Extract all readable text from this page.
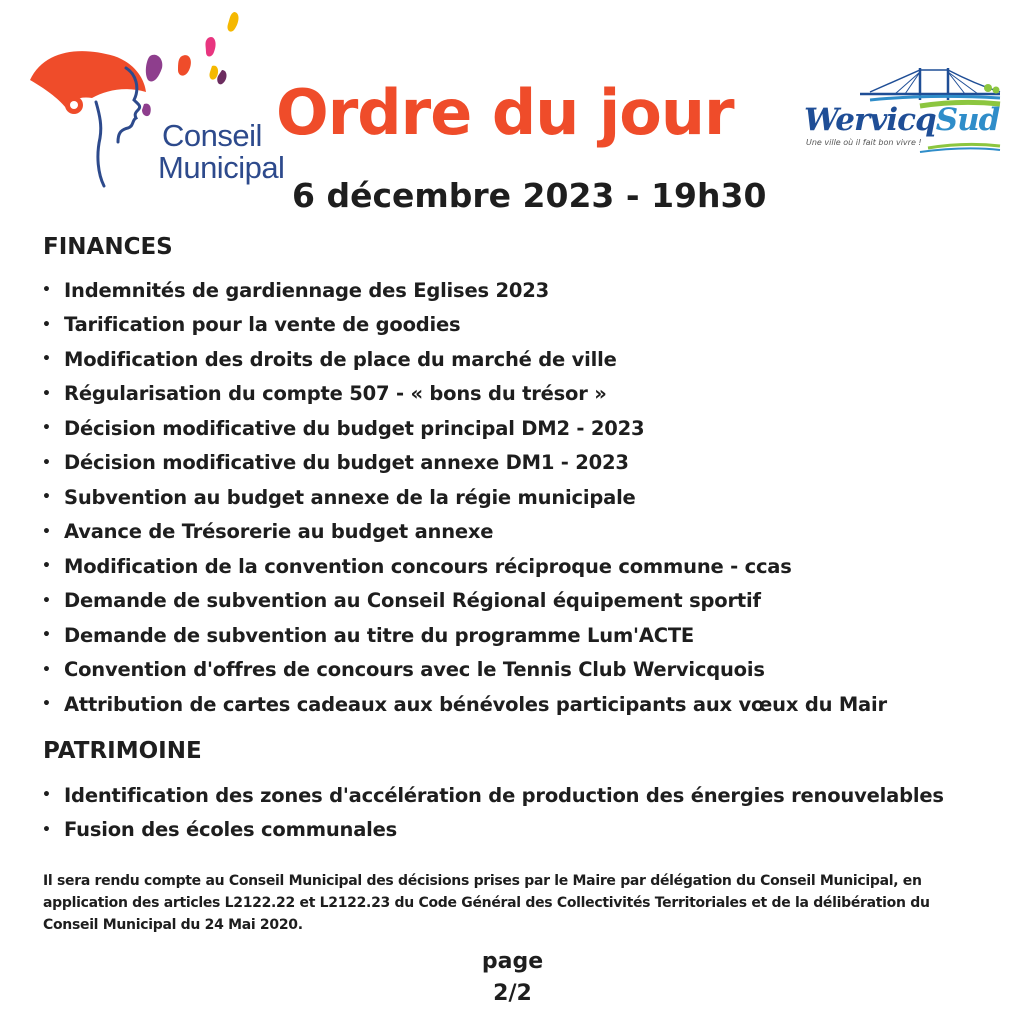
Conseil
Municipal
Ordre du jour
6 décembre 2023 - 19h30
WervicqSud
Une ville où il fait bon vivre !
FINANCES
• Indemnités de gardiennage des Eglises 2023
• Tarification pour la vente de goodies
• Modification des droits de place du marché de ville
• Régularisation du compte 507 - « bons du trésor »
• Décision modificative du budget principal DM2 - 2023
• Décision modificative du budget annexe DM1 - 2023
• Subvention au budget annexe de la régie municipale
• Avance de Trésorerie au budget annexe
• Modification de la convention concours réciproque commune - ccas
• Demande de subvention au Conseil Régional équipement sportif
• Demande de subvention au titre du programme Lum'ACTE
• Convention d'offres de concours avec le Tennis Club Wervicquois
• Attribution de cartes cadeaux aux bénévoles participants aux vœux du Mair
PATRIMOINE
• Identification des zones d'accélération de production des énergies renouvelables
• Fusion des écoles communales
Il sera rendu compte au Conseil Municipal des décisions prises par le Maire par délégation du Conseil Municipal, en application des articles L2122.22 et L2122.23 du Code Général des Collectivités Territoriales et de la délibération du Conseil Municipal du 24 Mai 2020.
page
2/2
